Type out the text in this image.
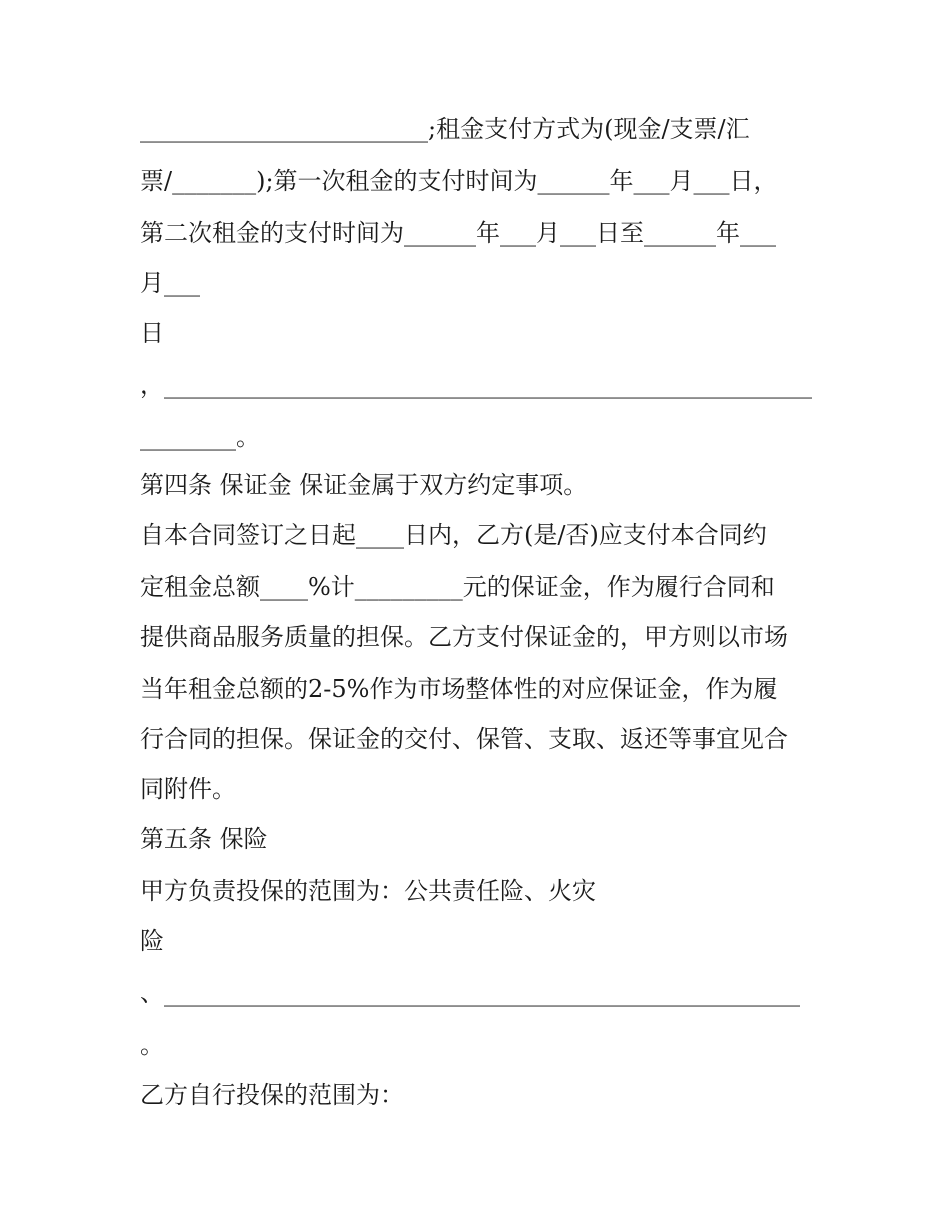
________________________;租金支付方式为(现金/支票/汇
票/_______);第一次租金的支付时间为______年___月___日，
第二次租金的支付时间为______年___月___日至______年___
月___
日
，______________________________________________________
________。
第四条 保证金 保证金属于双方约定事项。
自本合同签订之日起____日内，乙方(是/否)应支付本合同约
定租金总额____%计_________元的保证金，作为履行合同和
提供商品服务质量的担保。乙方支付保证金的，甲方则以市场
当年租金总额的2-5%作为市场整体性的对应保证金，作为履
行合同的担保。保证金的交付、保管、支取、返还等事宜见合
同附件。
第五条 保险
甲方负责投保的范围为：公共责任险、火灾
险
、_____________________________________________________
。
乙方自行投保的范围为：
